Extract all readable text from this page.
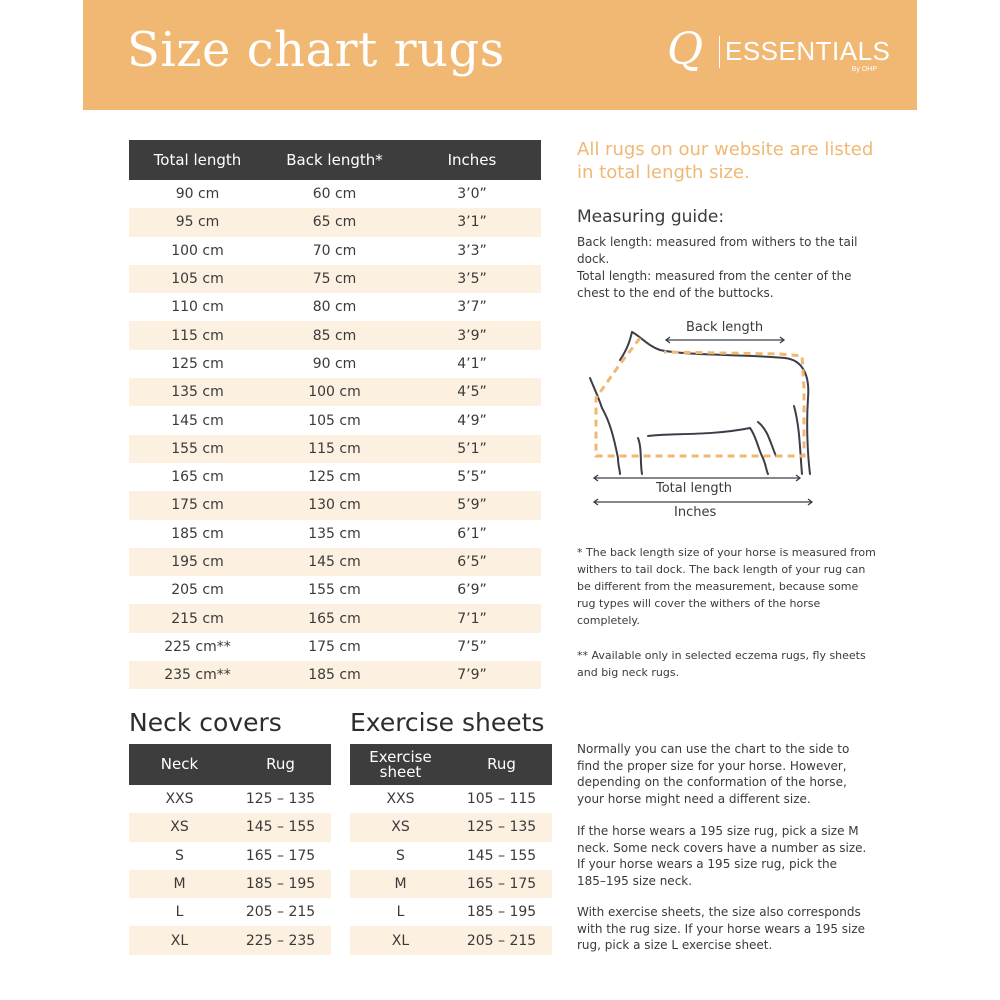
Size chart rugs	Q ESSENTIALS
By OHP
Total length	Back length*	Inches
90 cm	60 cm	3’0”
95 cm	65 cm	3’1”
100 cm	70 cm	3’3”
105 cm	75 cm	3’5”
110 cm	80 cm	3’7”
115 cm	85 cm	3’9”
125 cm	90 cm	4’1”
135 cm	100 cm	4’5”
145 cm	105 cm	4’9”
155 cm	115 cm	5’1”
165 cm	125 cm	5’5”
175 cm	130 cm	5’9”
185 cm	135 cm	6’1”
195 cm	145 cm	6’5”
205 cm	155 cm	6’9”
215 cm	165 cm	7’1”
225 cm**	175 cm	7’5”
235 cm**	185 cm	7’9”
Neck covers	Exercise sheets
Neck	Rug
XXS	125 – 135
XS	145 – 155
S	165 – 175
M	185 – 195
L	205 – 215
XL	225 – 235
Exercise sheet	Rug
XXS	105 – 115
XS	125 – 135
S	145 – 155
M	165 – 175
L	185 – 195
XL	205 – 215
All rugs on our website are listed in total length size.
Measuring guide:
Back length: measured from withers to the tail dock.
Total length: measured from the center of the chest to the end of the buttocks.
Back length
Total length
Inches
* The back length size of your horse is measured from withers to tail dock. The back length of your rug can be different from the measurement, because some rug types will cover the withers of the horse completely.
** Available only in selected eczema rugs, fly sheets and big neck rugs.
Normally you can use the chart to the side to find the proper size for your horse. However, depending on the conformation of the horse, your horse might need a different size.
If the horse wears a 195 size rug, pick a size M neck. Some neck covers have a number as size. If your horse wears a 195 size rug, pick the 185–195 size neck.
With exercise sheets, the size also corresponds with the rug size. If your horse wears a 195 size rug, pick a size L exercise sheet.
